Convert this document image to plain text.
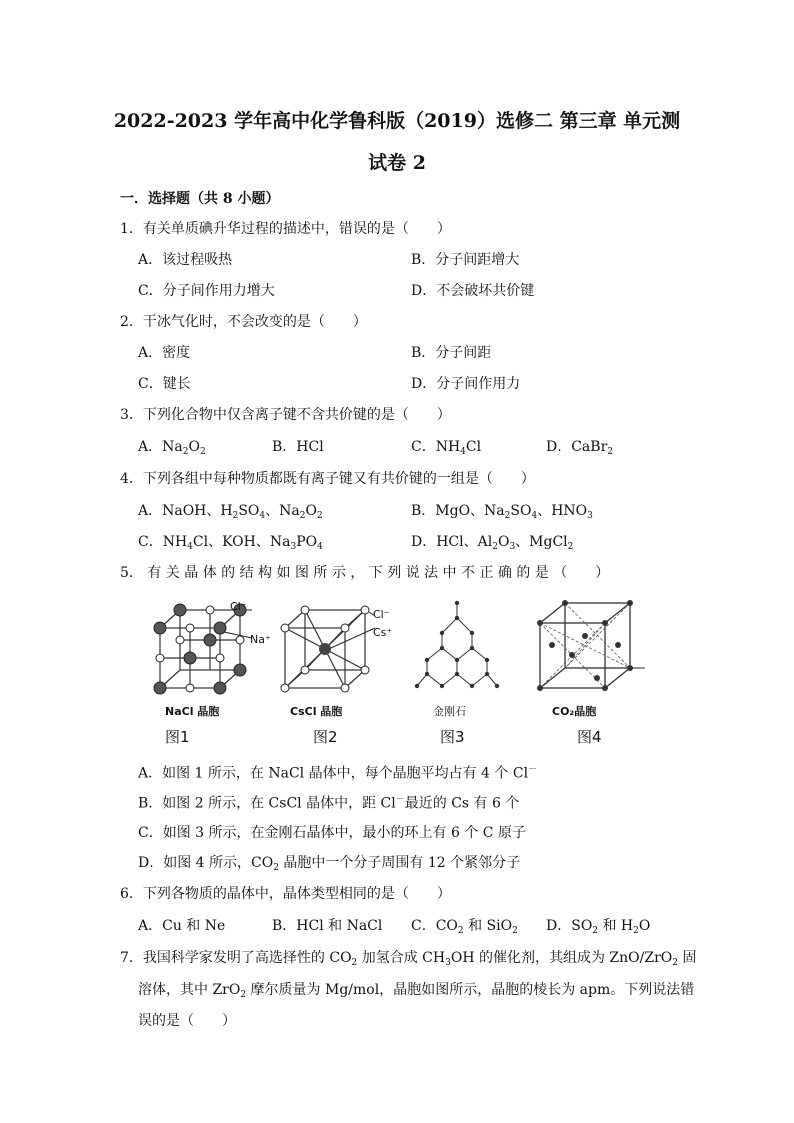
2022-2023 学年高中化学鲁科版（2019）选修二 第三章 单元测
试卷 2
一．选择题（共 8 小题）
1．有关单质碘升华过程的描述中，错误的是（　　）
A．该过程吸热	B．分子间距增大
C．分子间作用力增大	D．不会破坏共价键
2．干冰气化时，不会改变的是（　　）
A．密度	B．分子间距
C．键长	D．分子间作用力
3．下列化合物中仅含离子键不含共价键的是（　　）
A．$Na_2O_2$	B．HCl	C．$NH_4Cl$	D．CaBr$_2$
4．下列各组中每种物质都既有离子键又有共价键的一组是（　　）
A．NaOH、$H_2SO_4$、$Na_2O_2$	B．MgO、$Na_2SO_4$、$HNO_3$
C．$NH_4Cl$、KOH、$Na_3PO_4$	D．HCl、$Al_2O_3$、MgCl$_2$
5． 有 关 晶 体 的 结 构 如 图 所 示 ， 下 列 说 法 中 不 正 确 的 是 （　　）
Cl⁻
Na⁺
NaCl 晶胞
图1
Cl⁻
Cs⁺
CsCl 晶胞
图2
金刚石
图3
CO₂晶胞
图4
A．如图 1 所示，在 NaCl 晶体中，每个晶胞平均占有 4 个 Cl－
B．如图 2 所示，在 CsCl 晶体中，距 Cl－最近的 Cs 有 6 个
C．如图 3 所示，在金刚石晶体中，最小的环上有 6 个 C 原子
D．如图 4 所示，$CO_2$ 晶胞中一个分子周围有 12 个紧邻分子
6．下列各物质的晶体中，晶体类型相同的是（　　）
A．Cu 和 Ne	B．HCl 和 NaCl C．$CO_2$ 和 SiO$_2$ D．$SO_2$ 和 $H_2O$
7．我国科学家发明了高选择性的 $CO_2$ 加氢合成 $CH_3OH$ 的催化剂，其组成为 ZnO/ZrO$_2$ 固
溶体，其中 ZrO$_2$ 摩尔质量为 Mg/mol，晶胞如图所示，晶胞的棱长为 apm。下列说法错
误的是（　　）
